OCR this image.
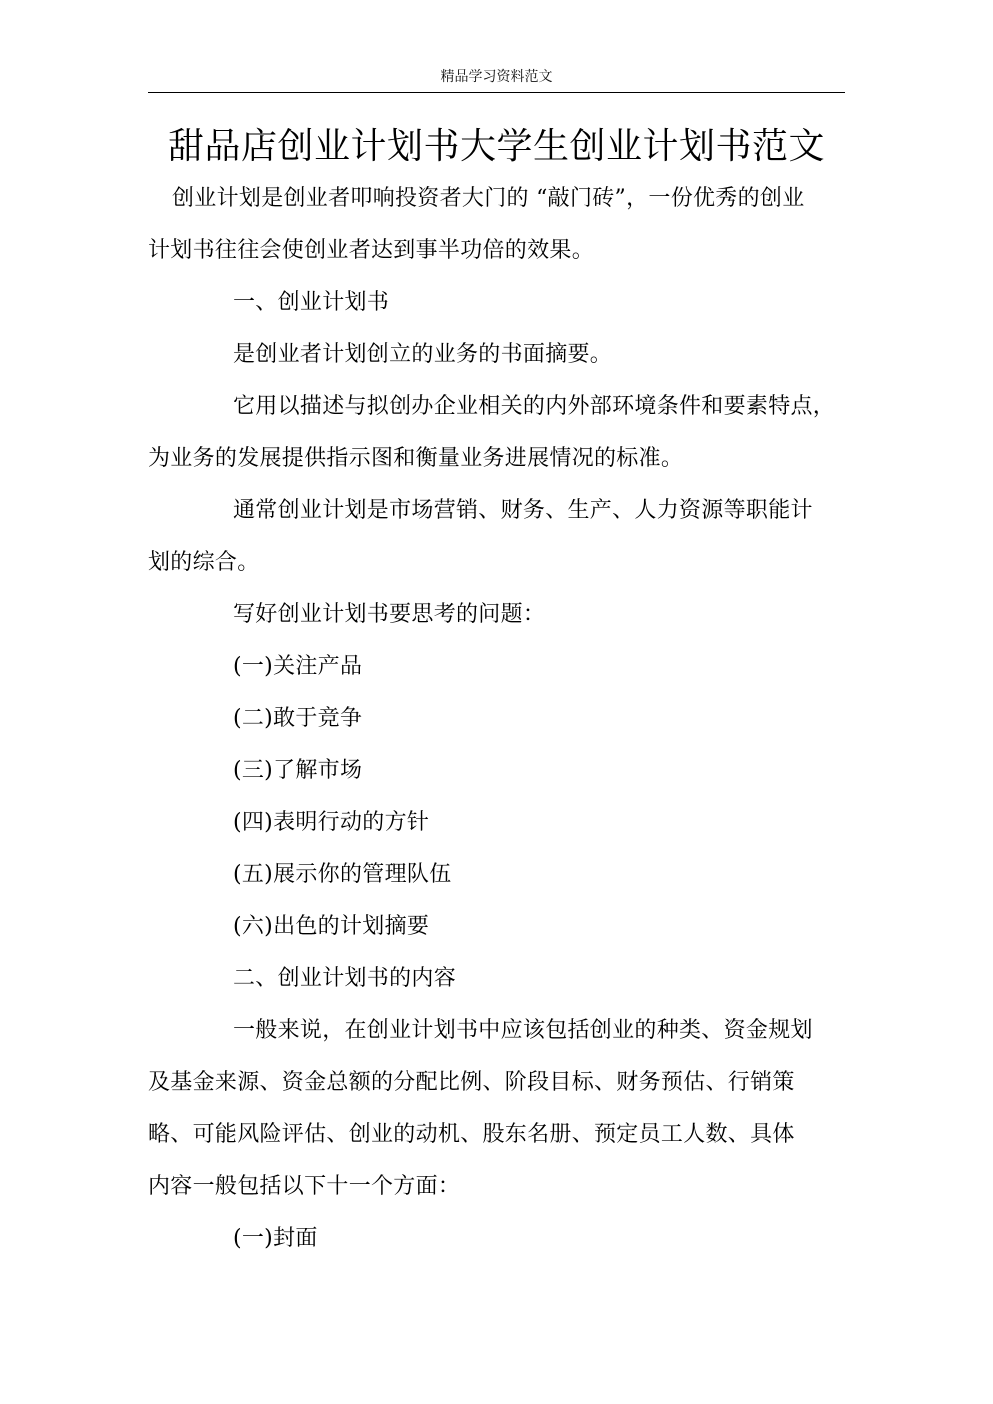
精品学习资料范文
甜品店创业计划书大学生创业计划书范文
创业计划是创业者叩响投资者大门的 “敲门砖”，一份优秀的创业
计划书往往会使创业者达到事半功倍的效果。
一、创业计划书
是创业者计划创立的业务的书面摘要。
它用以描述与拟创办企业相关的内外部环境条件和要素特点，
为业务的发展提供指示图和衡量业务进展情况的标准。
通常创业计划是市场营销、财务、生产、人力资源等职能计
划的综合。
写好创业计划书要思考的问题：
(一)关注产品
(二)敢于竞争
(三)了解市场
(四)表明行动的方针
(五)展示你的管理队伍
(六)出色的计划摘要
二、创业计划书的内容
一般来说，在创业计划书中应该包括创业的种类、资金规划
及基金来源、资金总额的分配比例、阶段目标、财务预估、行销策
略、可能风险评估、创业的动机、股东名册、预定员工人数、具体
内容一般包括以下十一个方面：
(一)封面
